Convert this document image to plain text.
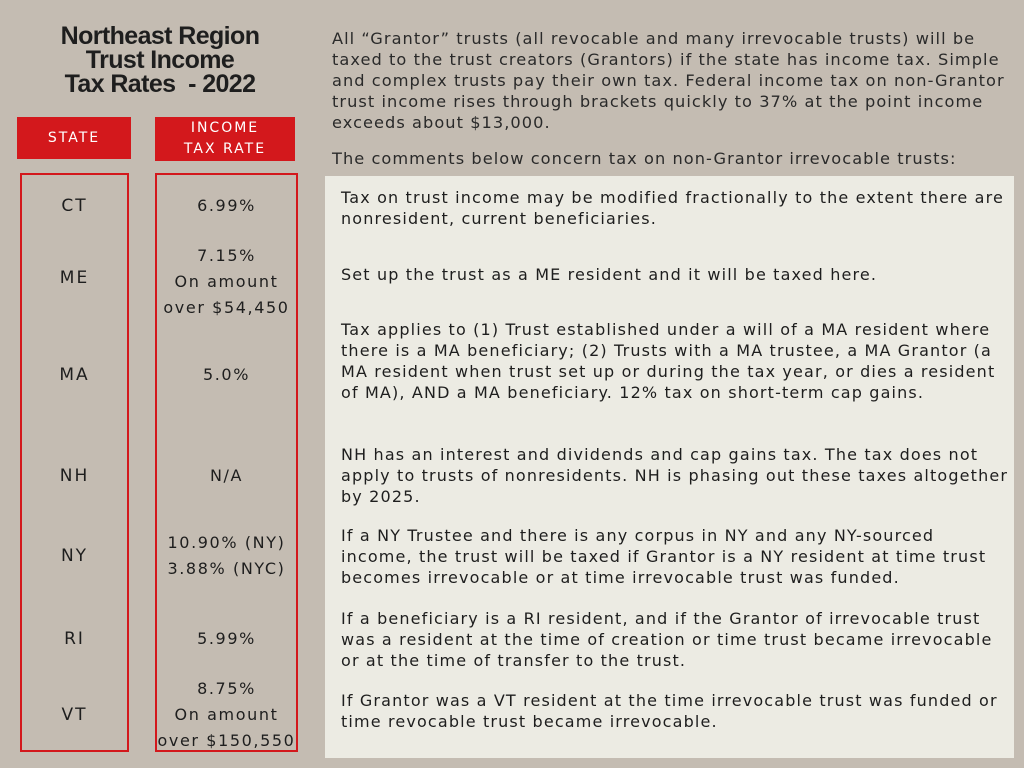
Northeast Region
Trust Income
Tax Rates  - 2022
STATE
INCOME
TAX RATE
CT
ME
MA
NH
NY
RI
VT
6.99%
7.15%
On amount
over $54,450
5.0%
N/A
10.90% (NY)
3.88% (NYC)
5.99%
8.75%
On amount
over $150,550
All “Grantor” trusts (all revocable and many irrevocable trusts) will be taxed to the trust creators (Grantors) if the state has income tax. Simple and complex trusts pay their own tax. Federal income tax on non-Grantor trust income rises through brackets quickly to 37% at the point income exceeds about $13,000.
The comments below concern tax on non-Grantor irrevocable trusts:
Tax on trust income may be modified fractionally to the extent there are nonresident, current beneficiaries.
Set up the trust as a ME resident and it will be taxed here.
Tax applies to (1) Trust established under a will of a MA resident where there is a MA beneficiary; (2) Trusts with a MA trustee, a MA Grantor (a MA resident when trust set up or during the tax year, or dies a resident of MA), AND a MA beneficiary. 12% tax on short-term cap gains.
NH has an interest and dividends and cap gains tax. The tax does not apply to trusts of nonresidents. NH is phasing out these taxes altogether by 2025.
If a NY Trustee and there is any corpus in NY and any NY-sourced income, the trust will be taxed if Grantor is a NY resident at time trust becomes irrevocable or at time irrevocable trust was funded.
If a beneficiary is a RI resident, and if the Grantor of irrevocable trust was a resident at the time of creation or time trust became irrevocable or at the time of transfer to the trust.
If Grantor was a VT resident at the time irrevocable trust was funded or time revocable trust became irrevocable.
